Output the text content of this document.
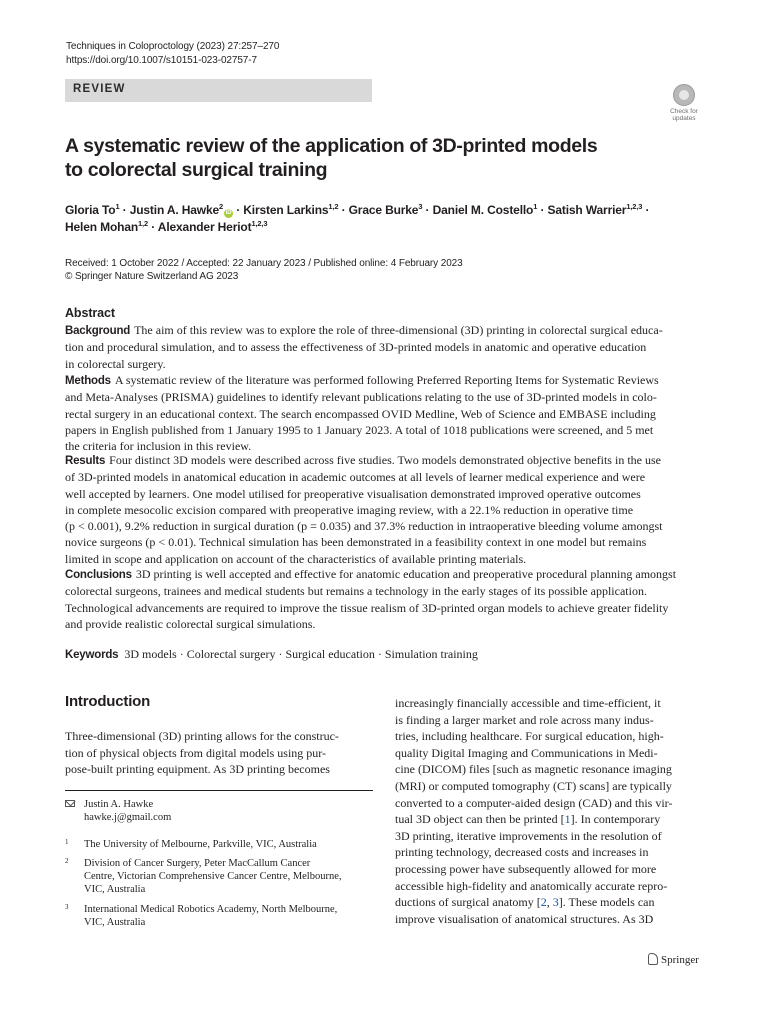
Techniques in Coloproctology (2023) 27:257–270
https://doi.org/10.1007/s10151-023-02757-7
REVIEW
Check for
updates
A systematic review of the application of 3D-printed models
to colorectal surgical training
Gloria $To^1$ · Justin A. Hawke$^2$iD · Kirsten Larkins$^{1,2}$ · Grace Burke$^3$ · Daniel M. Costello$^1$ · Satish Warrier$^{1,2,3}$ ·
Helen Mohan$^{1,2}$ · Alexander Heriot$^{1,2,3}$
Received: 1 October 2022 / Accepted: 22 January 2023 / Published online: 4 February 2023
© Springer Nature Switzerland AG 2023
Abstract
Background The aim of this review was to explore the role of three-dimensional (3D) printing in colorectal surgical educa-
tion and procedural simulation, and to assess the effectiveness of 3D-printed models in anatomic and operative education
in colorectal surgery.
Methods A systematic review of the literature was performed following Preferred Reporting Items for Systematic Reviews
and Meta-Analyses (PRISMA) guidelines to identify relevant publications relating to the use of 3D-printed models in colo-
rectal surgery in an educational context. The search encompassed OVID Medline, Web of Science and EMBASE including
papers in English published from 1 January 1995 to 1 January 2023. A total of 1018 publications were screened, and 5 met
the criteria for inclusion in this review.
Results Four distinct 3D models were described across five studies. Two models demonstrated objective benefits in the use
of 3D-printed models in anatomical education in academic outcomes at all levels of learner medical experience and were
well accepted by learners. One model utilised for preoperative visualisation demonstrated improved operative outcomes
in complete mesocolic excision compared with preoperative imaging review, with a 22.1% reduction in operative time
(p < 0.001), 9.2% reduction in surgical duration (p = 0.035) and 37.3% reduction in intraoperative bleeding volume amongst
novice surgeons (p < 0.01). Technical simulation has been demonstrated in a feasibility context in one model but remains
limited in scope and application on account of the characteristics of available printing materials.
Conclusions 3D printing is well accepted and effective for anatomic education and preoperative procedural planning amongst
colorectal surgeons, trainees and medical students but remains a technology in the early stages of its possible application.
Technological advancements are required to improve the tissue realism of 3D-printed organ models to achieve greater fidelity
and provide realistic colorectal surgical simulations.
Keywords 3D models · Colorectal surgery · Surgical education · Simulation training
Introduction
Three-dimensional (3D) printing allows for the construc-
tion of physical objects from digital models using pur-
pose-built printing equipment. As 3D printing becomes
increasingly financially accessible and time-efficient, it
is finding a larger market and role across many indus-
tries, including healthcare. For surgical education, high-
quality Digital Imaging and Communications in Medi-
cine (DICOM) files [such as magnetic resonance imaging
(MRI) or computed tomography (CT) scans] are typically
converted to a computer-aided design (CAD) and this vir-
tual 3D object can then be printed [1]. In contemporary
3D printing, iterative improvements in the resolution of
printing technology, decreased costs and increases in
processing power have subsequently allowed for more
accessible high-fidelity and anatomically accurate repro-
ductions of surgical anatomy [2, 3]. These models can
improve visualisation of anatomical structures. As 3D
Justin A. Hawke
hawke.j@gmail.com
1 The University of Melbourne, Parkville, VIC, Australia
2 Division of Cancer Surgery, Peter MacCallum Cancer
Centre, Victorian Comprehensive Cancer Centre, Melbourne,
VIC, Australia
3 International Medical Robotics Academy, North Melbourne,
VIC, Australia
Springer
